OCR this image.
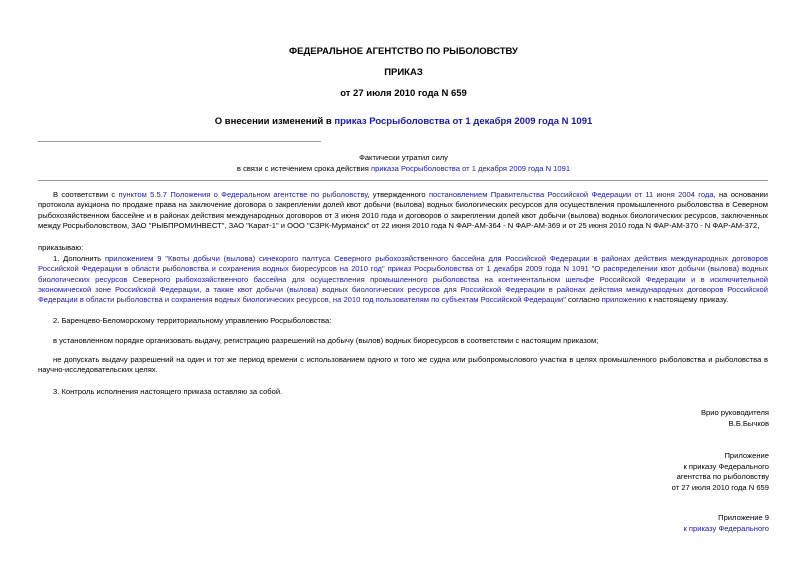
ФЕДЕРАЛЬНОЕ АГЕНТСТВО ПО РЫБОЛОВСТВУ
ПРИКАЗ
от 27 июля 2010 года N 659
О внесении изменений в приказ Росрыболовства от 1 декабря 2009 года N 1091
Фактически утратил силу
в связи с истечением срока действия приказа Росрыболовства от 1 декабря 2009 года N 1091
В соответствии с пунктом 5.5.7 Положения о Федеральном агентстве по рыболовству, утвержденного постановлением Правительства Российской Федерации от 11 июня 2004 года, на основании протокола аукциона по продаже права на заключение договора о закреплении долей квот добычи (вылова) водных биологических ресурсов для осуществления промышленного рыболовства в Северном рыбохозяйственном бассейне и в районах действия международных договоров от 3 июня 2010 года и договоров о закреплении долей квот добычи (вылова) водных биологических ресурсов, заключенных между Росрыболовством, ЗАО "РЫБПРОМИНВЕСТ", ЗАО "Карат-1" и ООО "СЗРК-Мурманск" от 22 июня 2010 года N ФАР-АМ-364 - N ФАР-АМ-369 и от 25 июня 2010 года N ФАР-АМ-370 - N ФАР-АМ-372,
приказываю:
1. Дополнить приложением 9 "Квоты добычи (вылова) синекорого палтуса Северного рыбохозяйственного бассейна для Российской Федерации в районах действия международных договоров Российской Федерации в области рыболовства и сохранения водных биоресурсов на 2010 год" приказ Росрыболовства от 1 декабря 2009 года N 1091 "О распределении квот добычи (вылова) водных биологических ресурсов Северного рыбохозяйственного бассейна для осуществления промышленного рыболовства на континентальном шельфе Российской Федерации и в исключительной экономической зоне Российской Федерации, а также квот добычи (вылова) водных биологических ресурсов для Российской Федерации в районах действия международных договоров Российской Федерации в области рыболовства и сохранения водных биологических ресурсов, на 2010 год пользователям по субъектам Российской Федерации" согласно приложению к настоящему приказу.
2. Баренцево-Беломорскому территориальному управлению Росрыболовства:
в установленном порядке организовать выдачу, регистрацию разрешений на добычу (вылов) водных биоресурсов в соответствии с настоящим приказом;
не допускать выдачу разрешений на один и тот же период времени с использованием одного и того же судна или рыбопромыслового участка в целях промышленного рыболовства и рыболовства в научно-исследовательских целях.
3. Контроль исполнения настоящего приказа оставляю за собой.
Врио руководителя
В.Б.Бычков
Приложение
к приказу Федерального
агентства по рыболовству
от 27 июля 2010 года N 659
Приложение 9
к приказу Федерального
